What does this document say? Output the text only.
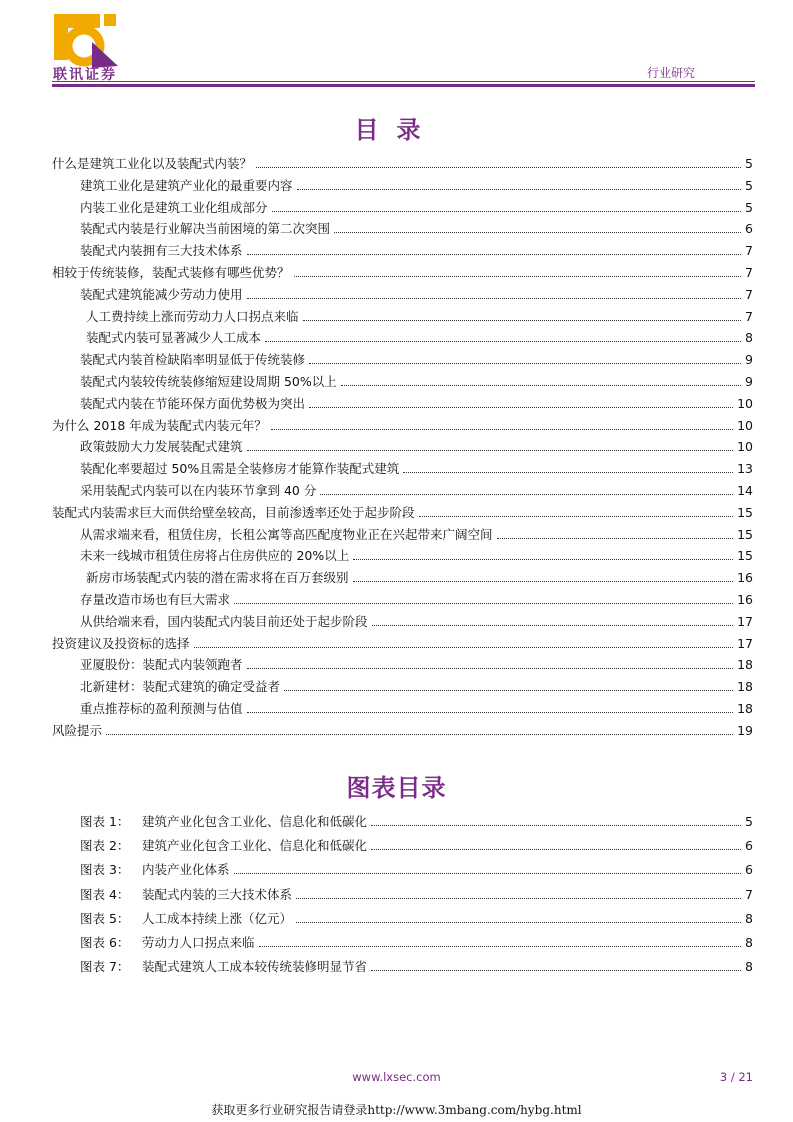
联讯证券	行业研究
目录
什么是建筑工业化以及装配式内装？	5
建筑工业化是建筑产业化的最重要内容	5
内装工业化是建筑工业化组成部分	5
装配式内装是行业解决当前困境的第二次突围	6
装配式内装拥有三大技术体系	7
相较于传统装修，装配式装修有哪些优势？	7
装配式建筑能减少劳动力使用	7
人工费持续上涨而劳动力人口拐点来临	7
装配式内装可显著减少人工成本	8
装配式内装首检缺陷率明显低于传统装修	9
装配式内装较传统装修缩短建设周期 50%以上	9
装配式内装在节能环保方面优势极为突出	10
为什么 2018 年成为装配式内装元年？	10
政策鼓励大力发展装配式建筑	10
装配化率要超过 50%且需是全装修房才能算作装配式建筑	13
采用装配式内装可以在内装环节拿到 40 分	14
装配式内装需求巨大而供给壁垒较高，目前渗透率还处于起步阶段	15
从需求端来看，租赁住房，长租公寓等高匹配度物业正在兴起带来广阔空间	15
未来一线城市租赁住房将占住房供应的 20%以上	15
新房市场装配式内装的潜在需求将在百万套级别	16
存量改造市场也有巨大需求	16
从供给端来看，国内装配式内装目前还处于起步阶段	17
投资建议及投资标的选择	17
亚厦股份：装配式内装领跑者	18
北新建材：装配式建筑的确定受益者	18
重点推荐标的盈利预测与估值	18
风险提示	19
图表目录
图表 1：	建筑产业化包含工业化、信息化和低碳化	5
图表 2：	建筑产业化包含工业化、信息化和低碳化	6
图表 3：	内装产业化体系	6
图表 4：	装配式内装的三大技术体系	7
图表 5：	人工成本持续上涨（亿元）	8
图表 6：	劳动力人口拐点来临	8
图表 7：	装配式建筑人工成本较传统装修明显节省	8
www.lxsec.com	3 / 21
获取更多行业研究报告请登录http://www.3mbang.com/hybg.html
